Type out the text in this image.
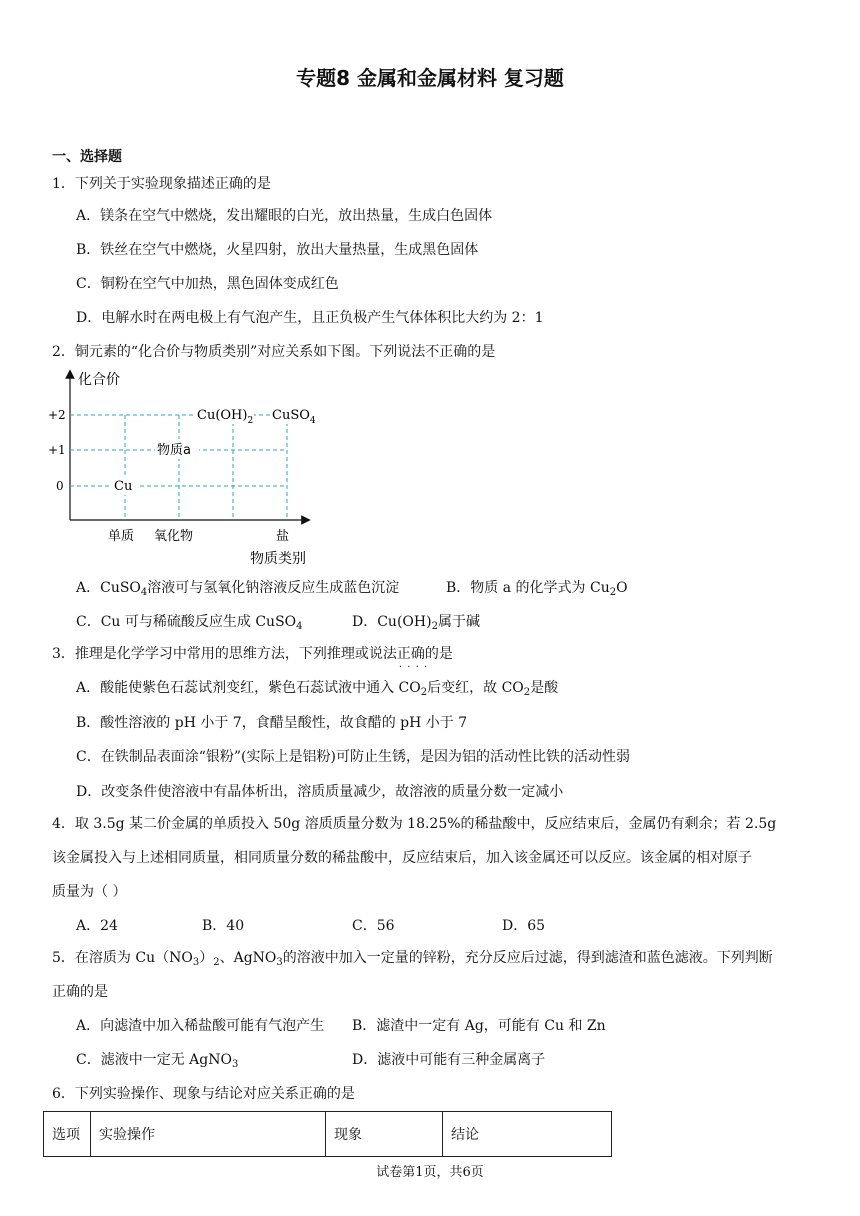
专题8 金属和金属材料 复习题
一、选择题
1．下列关于实验现象描述正确的是
A．镁条在空气中燃烧，发出耀眼的白光，放出热量，生成白色固体
B．铁丝在空气中燃烧，火星四射，放出大量热量，生成黑色固体
C．铜粉在空气中加热，黑色固体变成红色
D．电解水时在两电极上有气泡产生，且正负极产生气体体积比大约为 2：1
2．铜元素的“化合价与物质类别”对应关系如下图。下列说法不正确的是
化合价
+2
+1
0
$Cu(OH)_2$ CuSO$_4$
物质a
Cu
单质 氧化物	盐
物质类别
A．CuSO$_4$溶液可与氢氧化钠溶液反应生成蓝色沉淀	B．物质 a 的化学式为 $Cu_2O$
C．Cu 可与稀硫酸反应生成 CuSO$_4$	D．$Cu(OH)_2$属于碱
3．推理是化学学习中常用的思维方法，下列推理或说法正确的 · · · ·是
A．酸能使紫色石蕊试剂变红，紫色石蕊试液中通入 $CO_2$后变红，故 $CO_2$是酸
B．酸性溶液的 pH 小于 7，食醋呈酸性，故食醋的 pH 小于 7
C．在铁制品表面涂“银粉”(实际上是铝粉)可防止生锈，是因为铝的活动性比铁的活动性弱
D．改变条件使溶液中有晶体析出，溶质质量减少，故溶液的质量分数一定减小
4．取 3.5g 某二价金属的单质投入 50g 溶质质量分数为 18.25%的稀盐酸中，反应结束后，金属仍有剩余；若 2.5g
该金属投入与上述相同质量，相同质量分数的稀盐酸中，反应结束后，加入该金属还可以反应。该金属的相对原子
质量为（ ）
A．24	B．40	C．56	D．65
5．在溶质为 $Cu(NO_3)_2$、AgNO$_3$的溶液中加入一定量的锌粉，充分反应后过滤，得到滤渣和蓝色滤液。下列判断
正确的是
A．向滤渣中加入稀盐酸可能有气泡产生 B．滤渣中一定有 Ag，可能有 Cu 和 Zn
C．滤液中一定无 AgNO$_3$	D．滤液中可能有三种金属离子
6．下列实验操作、现象与结论对应关系正确的是
选项	实验操作	现象	结论
试卷第1页，共6页
